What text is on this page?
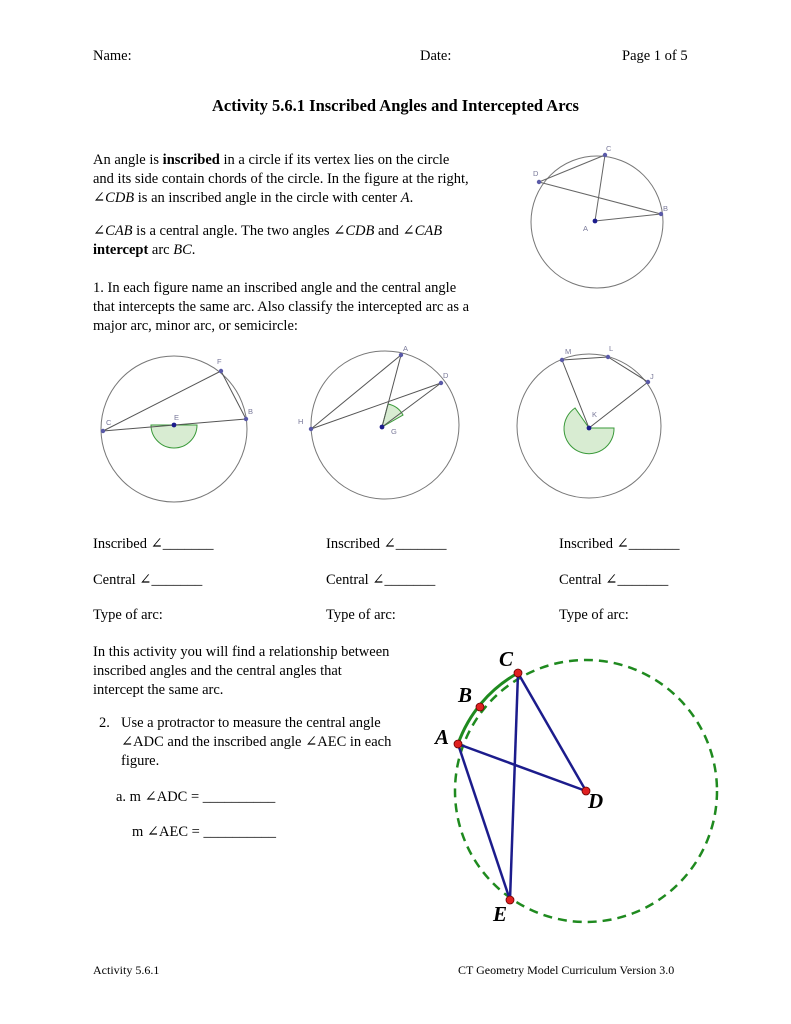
Name:	Date:	Page 1 of 5
Activity 5.6.1 Inscribed Angles and Intercepted Arcs
An angle is inscribed in a circle if its vertex lies on the circle
and its side contain chords of the circle. In the figure at the right,
∠CDB is an inscribed angle in the circle with center A.
∠CAB is a central angle. The two angles ∠CDB and ∠CAB
intercept arc BC.
1. In each figure name an inscribed angle and the central angle
that intercepts the same arc. Also classify the intercepted arc as a
major arc, minor arc, or semicircle:
C
D
B
A
F
B
C
E
A
D
H
G
M	L
J
K
Inscribed ∠_______	Inscribed ∠_______	Inscribed ∠_______
Central ∠_______	Central ∠_______	Central ∠_______
Type of arc:	Type of arc:	Type of arc:
In this activity you will find a relationship between
inscribed angles and the central angles that
intercept the same arc.
2. Use a protractor to measure the central angle
∠ADC and the inscribed angle ∠AEC in each
figure.
a. m ∠ADC = __________
m ∠AEC = __________
C
B
A
D
E
Activity 5.6.1	CT Geometry Model Curriculum Version 3.0
